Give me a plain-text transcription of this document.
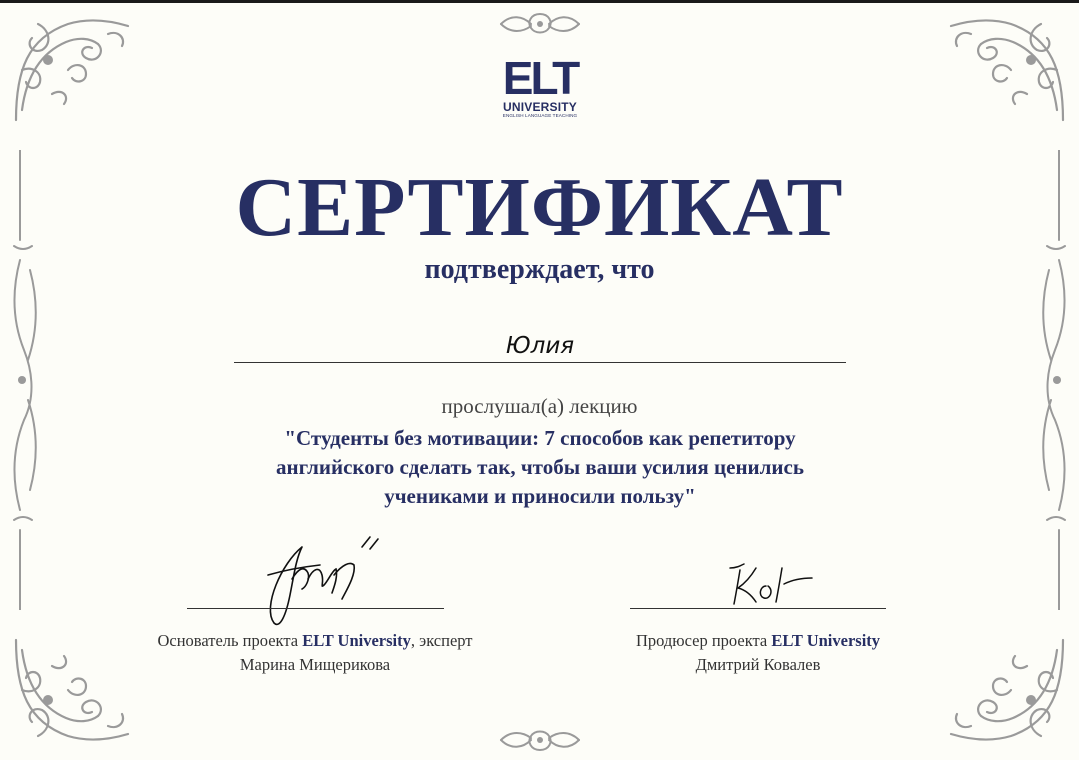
ELT
UNIVERSITY
ENGLISH LANGUAGE TEACHING
СЕРТИФИКАТ
подтверждает, что
Юлия
прослушал(а) лекцию
"Студенты без мотивации: 7 способов как репетитору
английского сделать так, чтобы ваши усилия ценились
учениками и приносили пользу"
Основатель проекта ELT University, эксперт
Марина Мищерикова
Продюсер проекта ELT University
Дмитрий Ковалев
